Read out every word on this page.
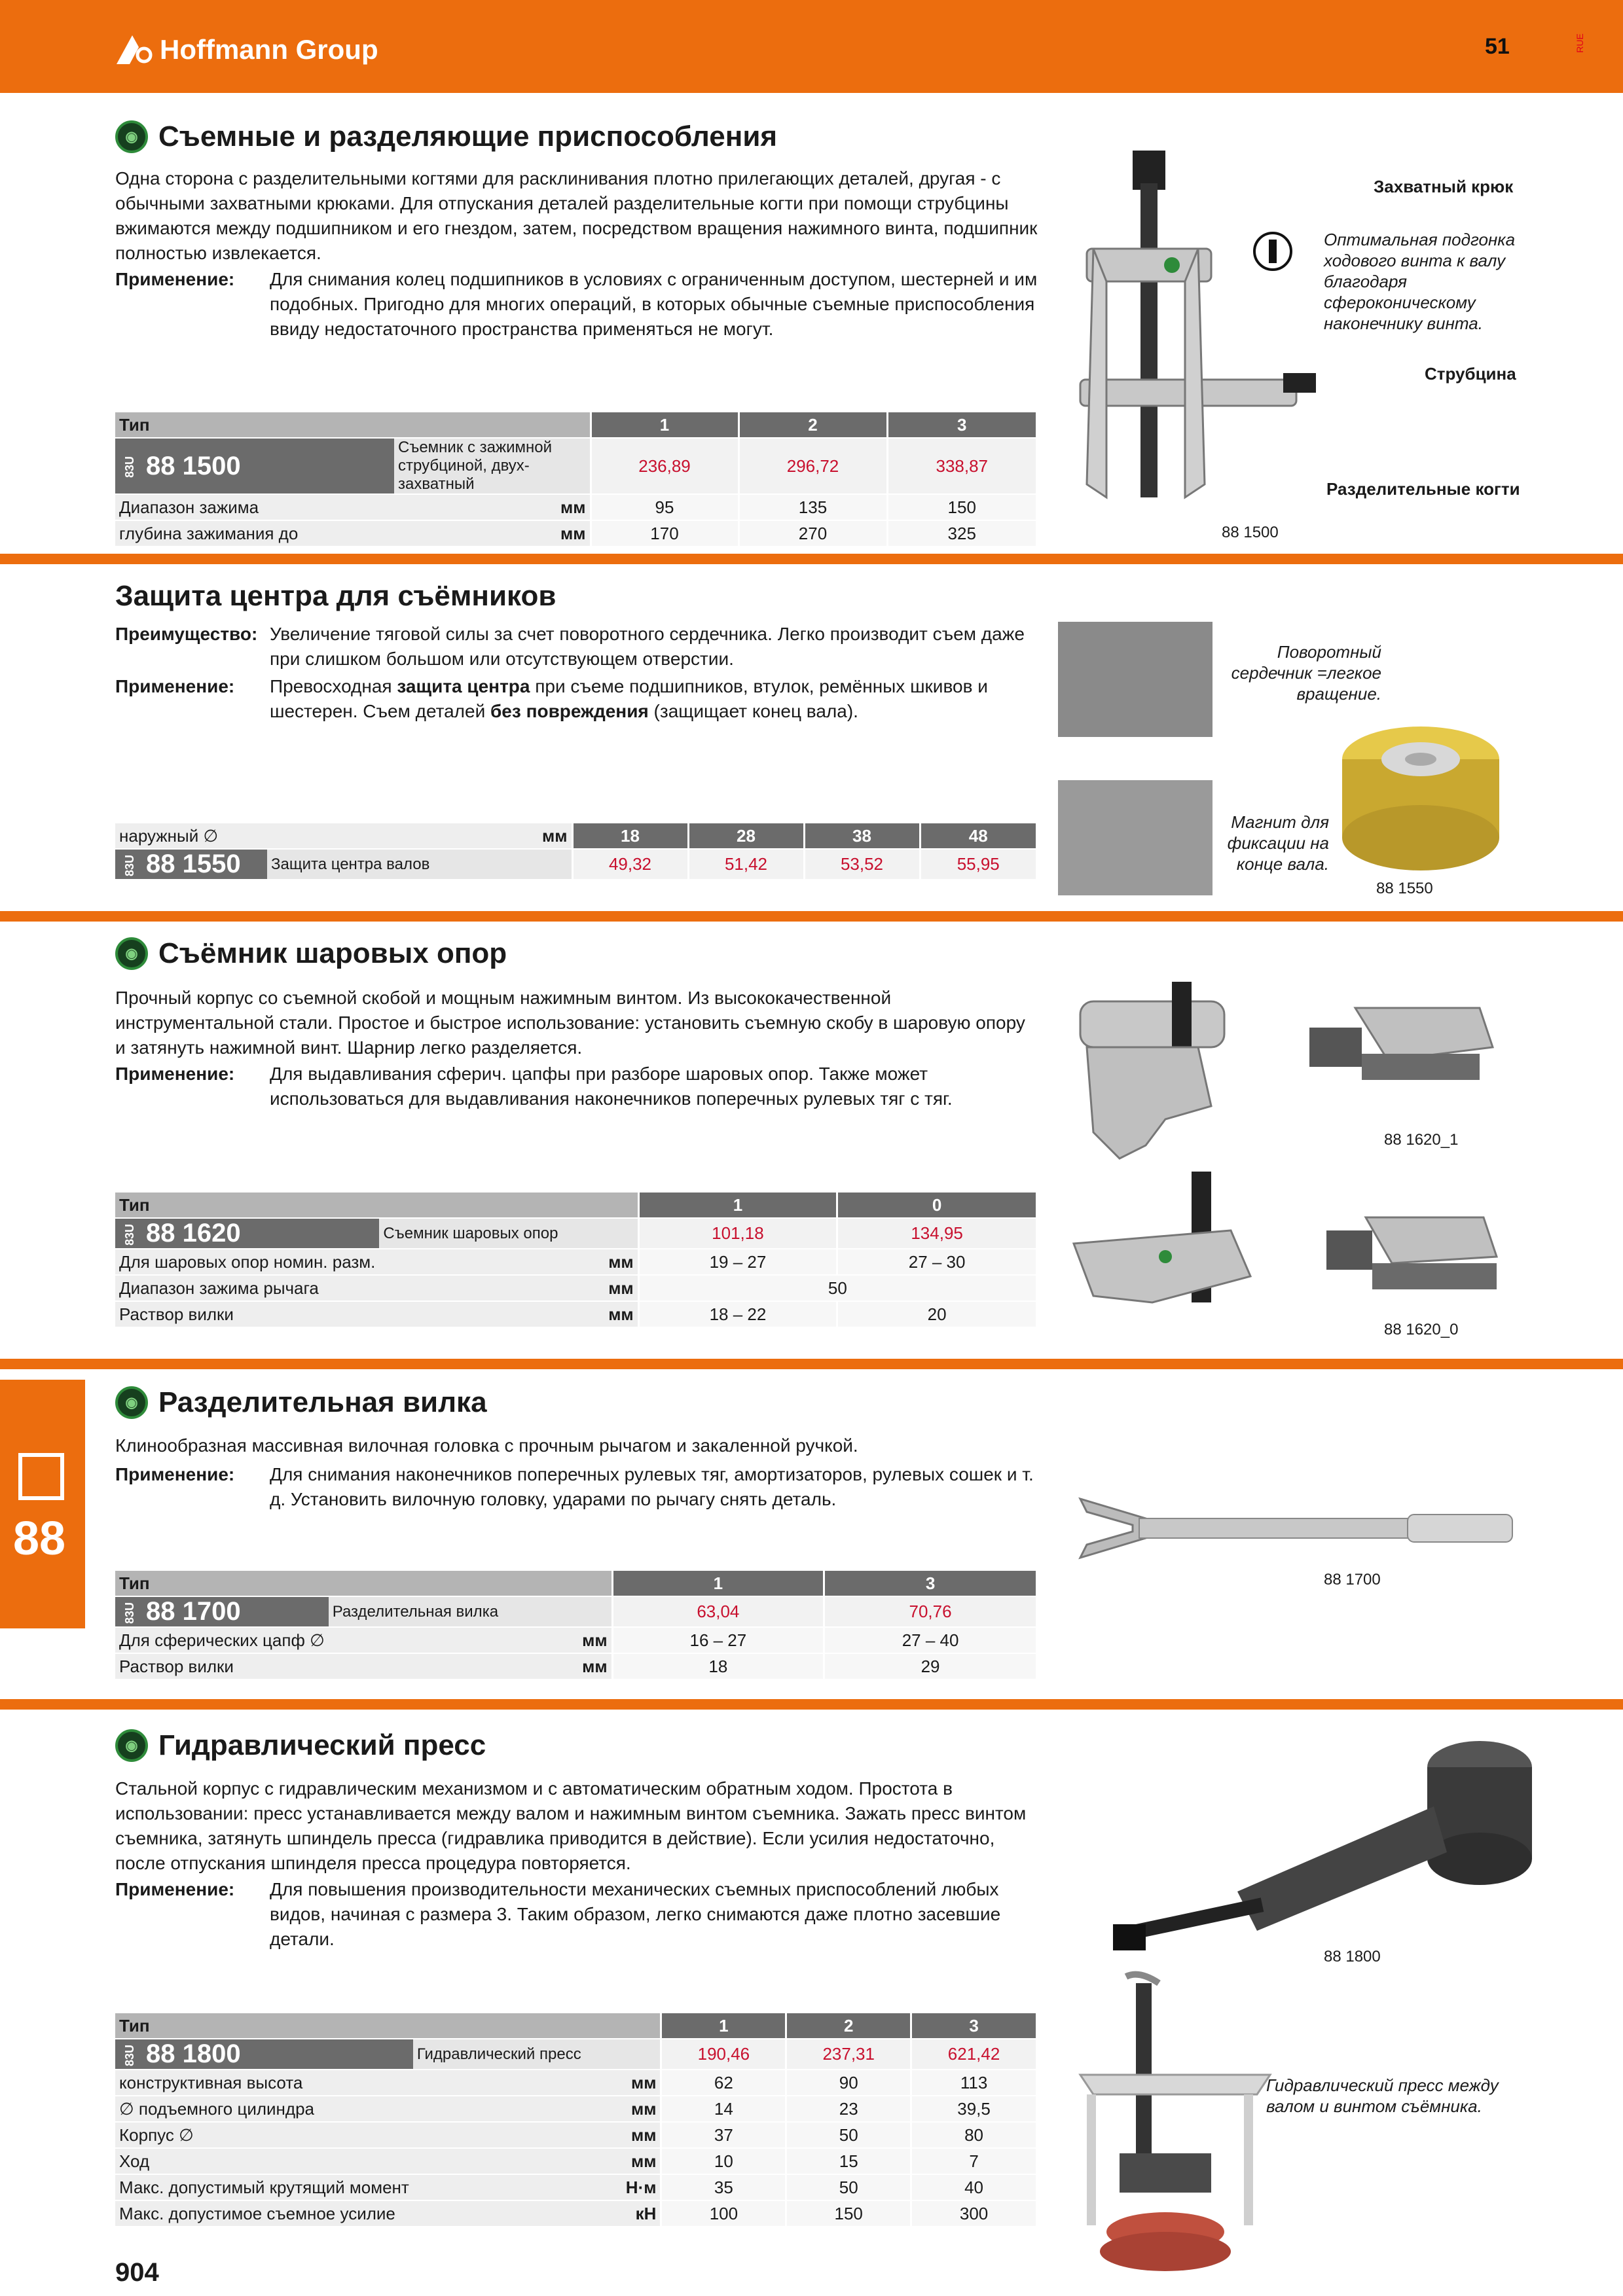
Hoffmann Group	51	RUE
88
◉ Съемные и разделяющие приспособления
Одна сторона с разделительными когтями для расклинивания плотно прилегающих деталей, другая - с обычными захватными крюками. Для отпускания деталей разделительные когти при помощи струбцины вжимаются между подшипником и его гнездом, затем, посредством вращения нажимного винта, подшипник полностью извлекается.
Применение:	Для снимания колец подшипников в условиях с ограниченным доступом, шестерней и им подобных. Пригодно для многих операций, в которых обычные съемные приспособления ввиду недостаточного пространства применяться не могут.
Тип		1	2	3
83U 88 1500	Съемник с зажимной струбциной, двух-захватный	236,89	296,72	338,87
Диапазон зажима	мм	95	135	150
глубина зажимания до	мм	170	270	325
Захватный крюк
Оптимальная подгонка ходового винта к валу благодаря сфероконическому наконечнику винта.
Струбцина
Разделительные когти
88 1500
Защита центра для съёмников
Преимущество: Увеличение тяговой силы за счет поворотного сердечника. Легко производит съем даже при слишком большом или отсутствующем отверстии.
Применение:	Превосходная защита центра при съеме подшипников, втулок, ремённых шкивов и шестерен. Съем деталей без повреждения (защищает конец вала).
наружный ∅	мм	18	28	38	48
83U 88 1550	Защита центра валов	49,32	51,42	53,52	55,95
Поворотный сердечник =легкое вращение.
Магнит для фиксации на конце вала.
88 1550
◉ Съёмник шаровых опор
Прочный корпус со съемной скобой и мощным нажимным винтом. Из высококачественной инструментальной стали. Простое и быстрое использование: установить съемную скобу в шаровую опору и затянуть нажимной винт. Шарнир легко разделяется.
Применение:	Для выдавливания сферич. цапфы при разборе шаровых опор. Также может использоваться для выдавливания наконечников поперечных рулевых тяг с тяг.
Тип		1	0
83U 88 1620	Съемник шаровых опор	101,18	134,95
Для шаровых опор номин. разм.	мм	19 – 27	27 – 30
Диапазон зажима рычага	мм	50	
Раствор вилки	мм	18 – 22	20
88 1620_1
88 1620_0
◉ Разделительная вилка
Клинообразная массивная вилочная головка с прочным рычагом и закаленной ручкой.
Применение:	Для снимания наконечников поперечных рулевых тяг, амортизаторов, рулевых сошек и т. д. Установить вилочную головку, ударами по рычагу снять деталь.
Тип		1	3
83U 88 1700	Разделительная вилка	63,04	70,76
Для сферических цапф ∅	мм	16 – 27	27 – 40
Раствор вилки	мм	18	29
88 1700
◉ Гидравлический пресс
Стальной корпус с гидравлическим механизмом и с автоматическим обратным ходом. Простота в использовании: пресс устанавливается между валом и нажимным винтом съемника. Зажать пресс винтом съемника, затянуть шпиндель пресса (гидравлика приводится в действие). Если усилия недостаточно, после отпускания шпинделя пресса процедура повторяется.
Применение:	Для повышения производительности механических съемных приспособлений любых видов, начиная с размера 3. Таким образом, легко снимаются даже плотно засевшие детали.
Тип		1	2	3
83U 88 1800	Гидравлический пресс	190,46	237,31	621,42
конструктивная высота	мм	62	90	113
∅ подъемного цилиндра	мм	14	23	39,5
Корпус ∅	мм	37	50	80
Ход	мм	10	15	7
Макс. допустимый крутящий момент	Н·м	35	50	40
Макс. допустимое съемное усилие	кН	100	150	300
88 1800
Гидравлический пресс между валом и винтом съёмника.
904
